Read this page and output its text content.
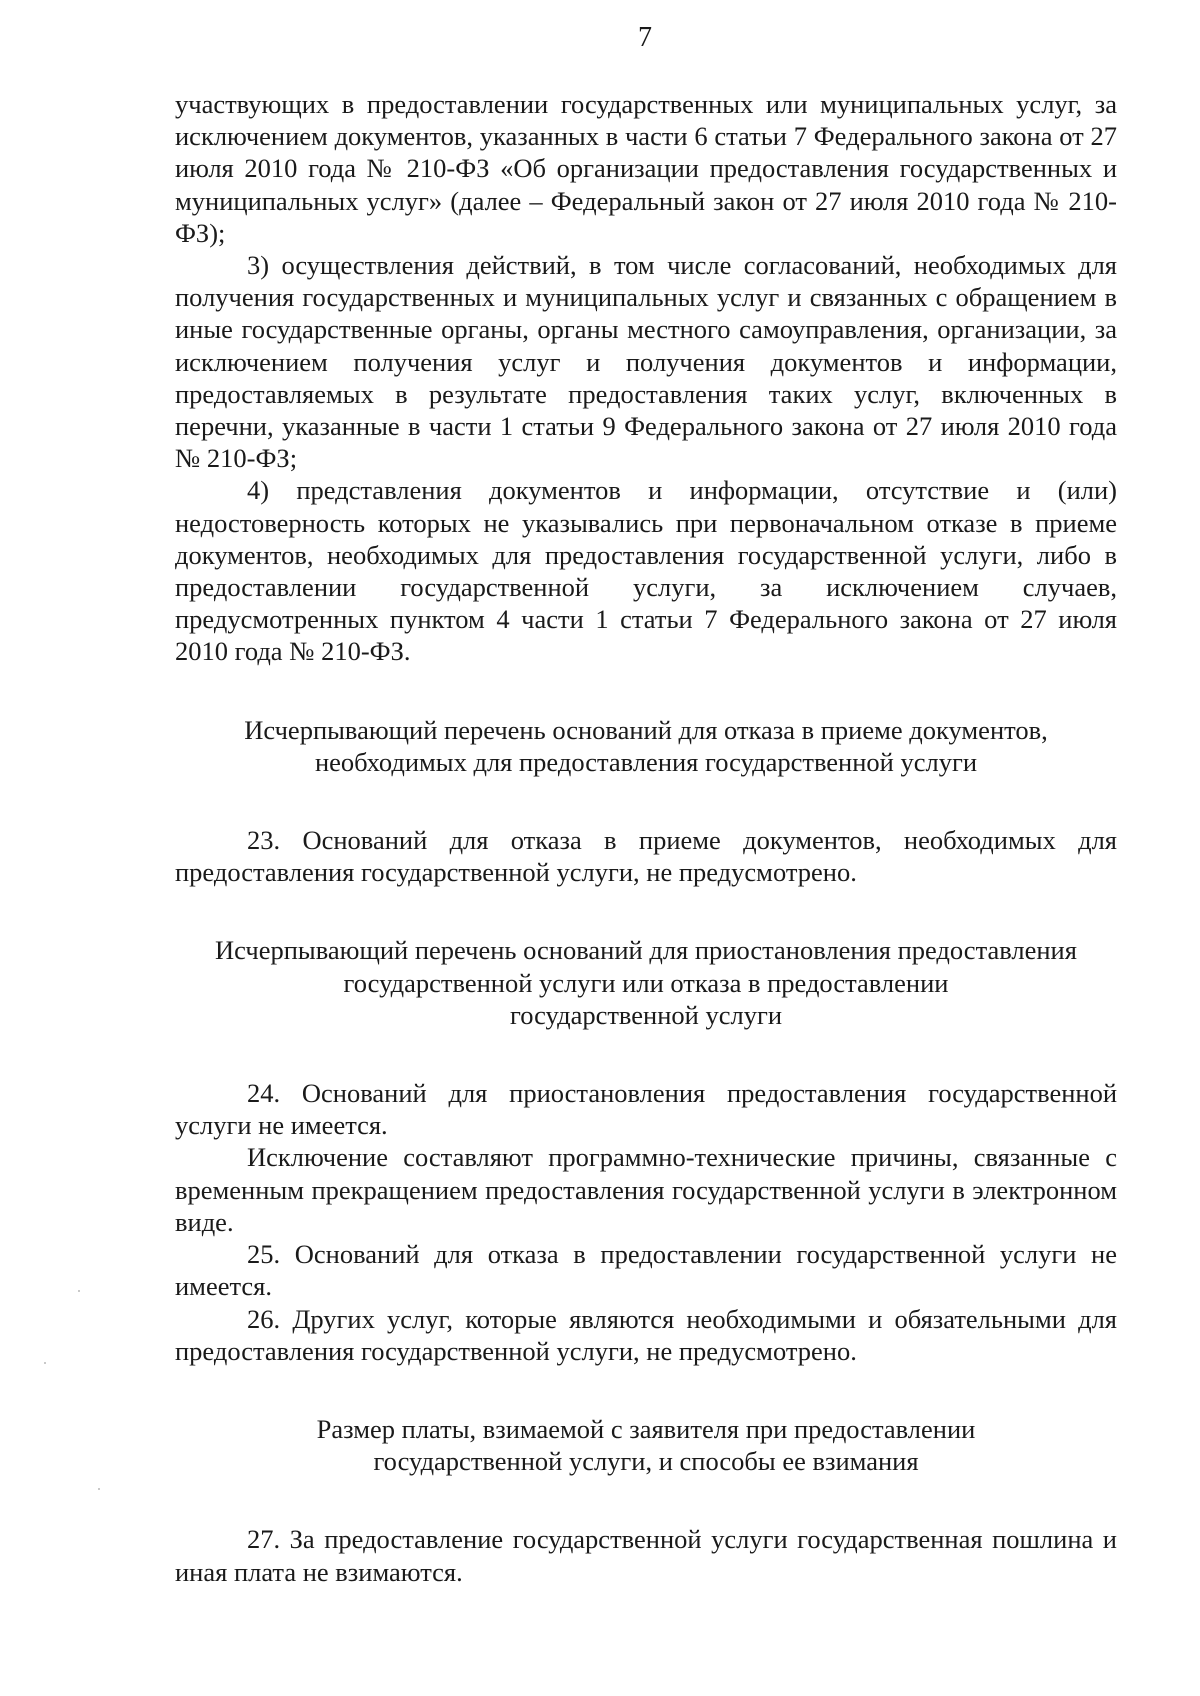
7

участвующих в предоставлении государственных или муниципальных услуг, за исключением документов, указанных в части 6 статьи 7 Федерального закона от 27 июля 2010 года № 210-ФЗ «Об организации предоставления государственных и муниципальных услуг» (далее – Федеральный закон от 27 июля 2010 года № 210-ФЗ);

3) осуществления действий, в том числе согласований, необходимых для получения государственных и муниципальных услуг и связанных с обращением в иные государственные органы, органы местного самоуправления, организации, за исключением получения услуг и получения документов и информации, предоставляемых в результате предоставления таких услуг, включенных в перечни, указанные в части 1 статьи 9 Федерального закона от 27 июля 2010 года № 210-ФЗ;

4) представления документов и информации, отсутствие и (или) недостоверность которых не указывались при первоначальном отказе в приеме документов, необходимых для предоставления государственной услуги, либо в предоставлении государственной услуги, за исключением случаев, предусмотренных пунктом 4 части 1 статьи 7 Федерального закона от 27 июля 2010 года № 210-ФЗ.

Исчерпывающий перечень оснований для отказа в приеме документов,
необходимых для предоставления государственной услуги

23. Оснований для отказа в приеме документов, необходимых для предоставления государственной услуги, не предусмотрено.

Исчерпывающий перечень оснований для приостановления предоставления
государственной услуги или отказа в предоставлении
государственной услуги

24. Оснований для приостановления предоставления государственной услуги не имеется.

Исключение составляют программно-технические причины, связанные с временным прекращением предоставления государственной услуги в электронном виде.

25. Оснований для отказа в предоставлении государственной услуги не имеется.

26. Других услуг, которые являются необходимыми и обязательными для предоставления государственной услуги, не предусмотрено.

Размер платы, взимаемой с заявителя при предоставлении
государственной услуги, и способы ее взимания

27. За предоставление государственной услуги государственная пошлина и иная плата не взимаются.
